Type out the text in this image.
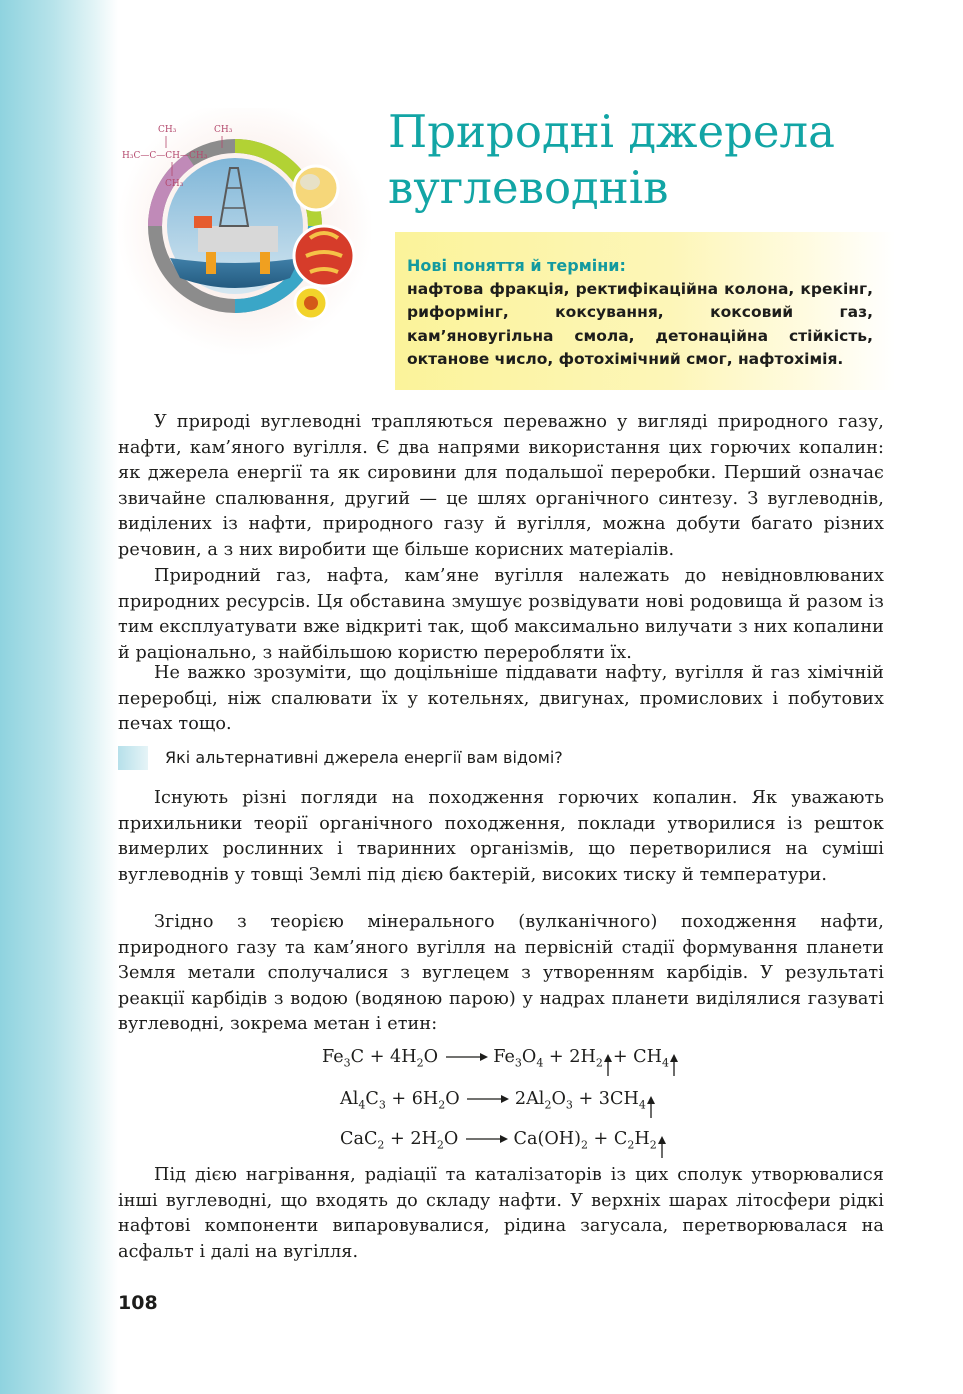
CH₃	CH₃
H₃C—C—CH—CH₃
CH₃
Природні джерела
вуглеводнів
Нові поняття й терміни:
нафтова фракція, ректифікаційна колона, крекінг, риформінг, коксування, коксовий газ, кам’яновугільна смола, детонаційна стійкість, октанове число, фотохімічний смог, нафтохімія.

У природі вуглеводні трапляються переважно у вигляді природного газу, нафти, кам’яного вугілля. Є два напрями використання цих горючих копалин: як джерела енергії та як сировини для подальшої переробки. Перший означає звичайне спалювання, другий — це шлях органічного синтезу. З вуглеводнів, виділених із нафти, природного газу й вугілля, можна добути багато різних речовин, а з них виробити ще більше корисних матеріалів.

Природний газ, нафта, кам’яне вугілля належать до невідновлюваних природних ресурсів. Ця обставина змушує розвідувати нові родовища й разом із тим експлуатувати вже відкриті так, щоб максимально вилучати з них копалини й раціонально, з найбільшою користю переробляти їх.

Не важко зрозуміти, що доцільніше піддавати нафту, вугілля й газ хімічній переробці, ніж спалювати їх у котельнях, двигунах, промислових і побутових печах тощо.

Які альтернативні джерела енергії вам відомі?

Існують різні погляди на походження горючих копалин. Як уважають прихильники теорії органічного походження, поклади утворилися із решток вимерлих рослинних і тваринних організмів, що перетворилися на суміші вуглеводнів у товщі Землі під дією бактерій, високих тиску й температури.

Згідно з теорією мінерального (вулканічного) походження нафти, природного газу та кам’яного вугілля на первісній стадії формування планети Земля метали сполучалися з вуглецем з утворенням карбідів. У результаті реакції карбідів з водою (водяною парою) у надрах планети виділялися газуваті вуглеводні, зокрема метан і етин:

$Fe_3C + 4H_2O \to Fe_3O_4 + 2H_2 + CH_4$
$Al_4C_3 + 6H_2O \to 2Al_2O_3 + 3CH_4$
$CaC_2 + 2H_2O \to Ca(OH)_2 + C_2H_2$

Під дією нагрівання, радіації та каталізаторів із цих сполук утворювалися інші вуглеводні, що входять до складу нафти. У верхніх шарах літосфери рідкі нафтові компоненти випаровувалися, рідина загусала, перетворювалася на асфальт і далі на вугілля.

108
